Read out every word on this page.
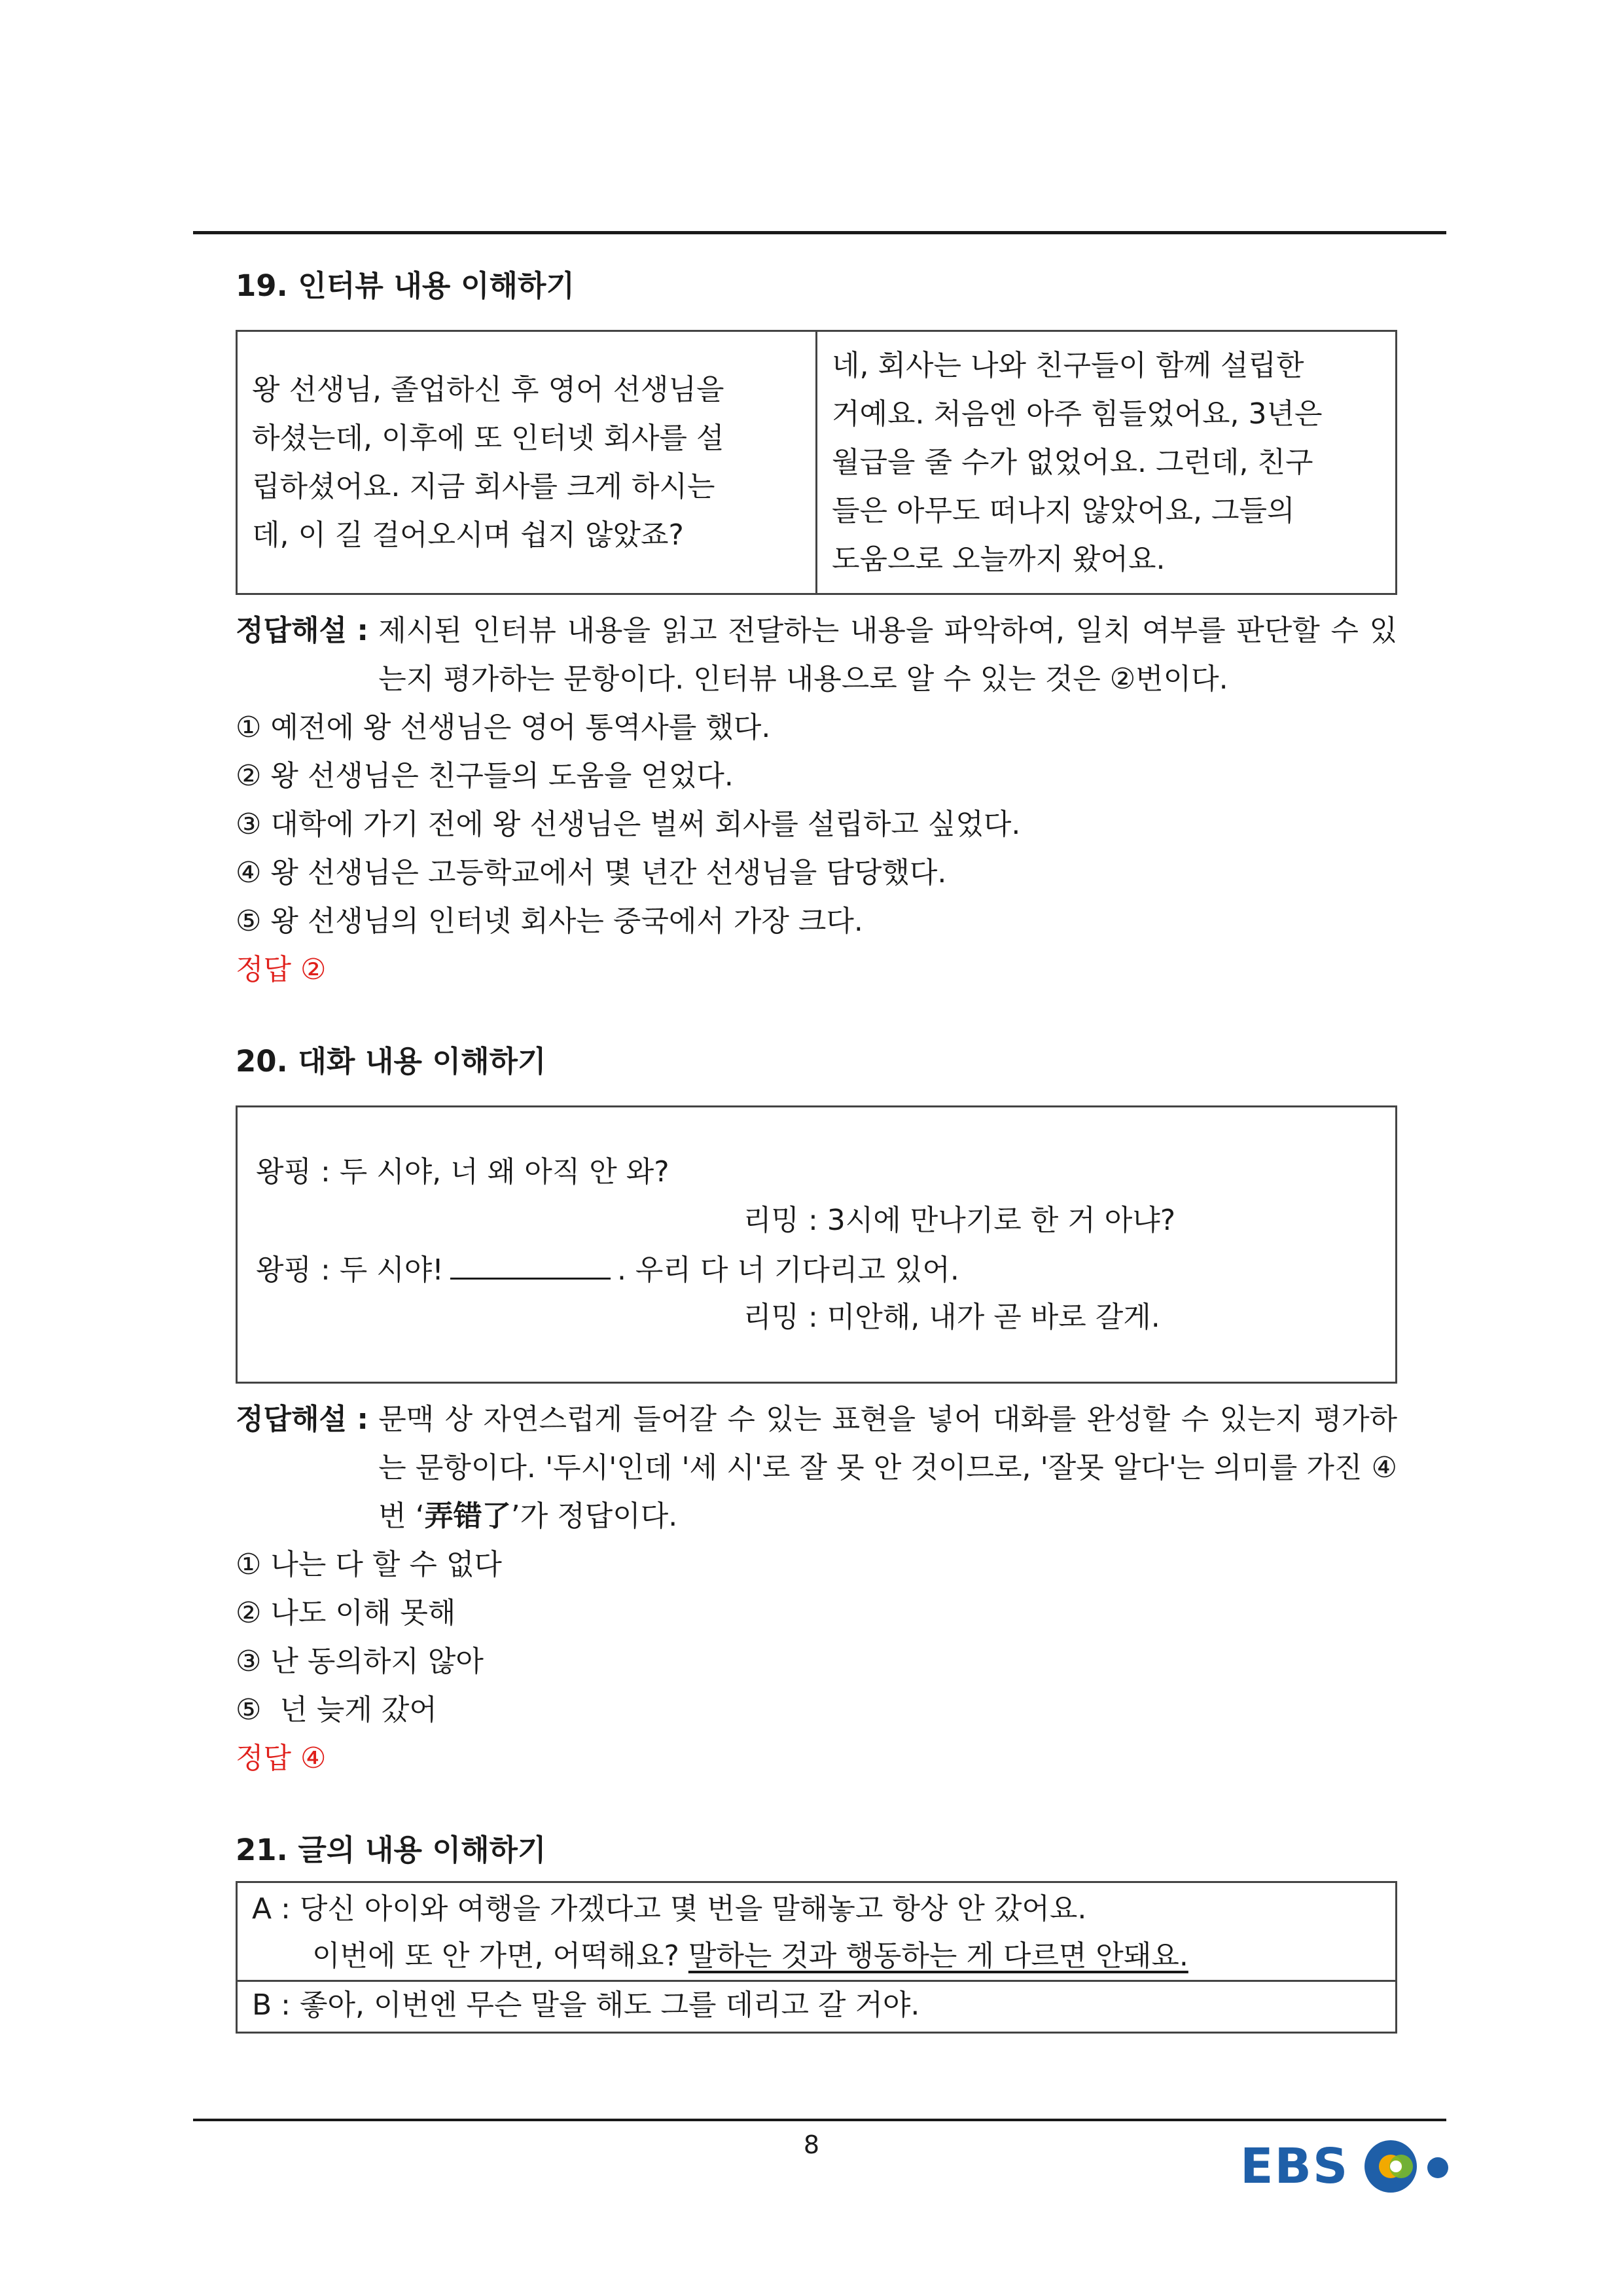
19. 인터뷰 내용 이해하기
왕 선생님, 졸업하신 후 영어 선생님을
하셨는데, 이후에 또 인터넷 회사를 설
립하셨어요. 지금 회사를 크게 하시는
데, 이 길 걸어오시며 쉽지 않았죠?
네, 회사는 나와 친구들이 함께 설립한
거예요. 처음엔 아주 힘들었어요, 3년은
월급을 줄 수가 없었어요. 그런데, 친구
들은 아무도 떠나지 않았어요, 그들의
도움으로 오늘까지 왔어요.
정답해설 : 제시된 인터뷰 내용을 읽고 전달하는 내용을 파악하여, 일치 여부를 판단할 수 있는지 평가하는 문항이다. 인터뷰 내용으로 알 수 있는 것은 ②번이다.
① 예전에 왕 선생님은 영어 통역사를 했다.
② 왕 선생님은 친구들의 도움을 얻었다.
③ 대학에 가기 전에 왕 선생님은 벌써 회사를 설립하고 싶었다.
④ 왕 선생님은 고등학교에서 몇 년간 선생님을 담당했다.
⑤ 왕 선생님의 인터넷 회사는 중국에서 가장 크다.
정답 ②
20. 대화 내용 이해하기
왕핑 : 두 시야, 너 왜 아직 안 와?
리밍 : 3시에 만나기로 한 거 아냐?
왕핑 : 두 시야!	. 우리 다 너 기다리고 있어.
리밍 : 미안해, 내가 곧 바로 갈게.
정답해설 : 문맥 상 자연스럽게 들어갈 수 있는 표현을 넣어 대화를 완성할 수 있는지 평가하는 문항이다. '두시'인데 '세 시'로 잘 못 안 것이므로, '잘못 알다'는 의미를 가진 ④번 ‘弄错了’가 정답이다.
① 나는 다 할 수 없다
② 나도 이해 못해
③ 난 동의하지 않아
⑤  넌 늦게 갔어
정답 ④
21. 글의 내용 이해하기
A : 당신 아이와 여행을 가겠다고 몇 번을 말해놓고 항상 안 갔어요.
이번에 또 안 가면, 어떡해요? 말하는 것과 행동하는 게 다르면 안돼요.
B : 좋아, 이번엔 무슨 말을 해도 그를 데리고 갈 거야.
8	EBS
